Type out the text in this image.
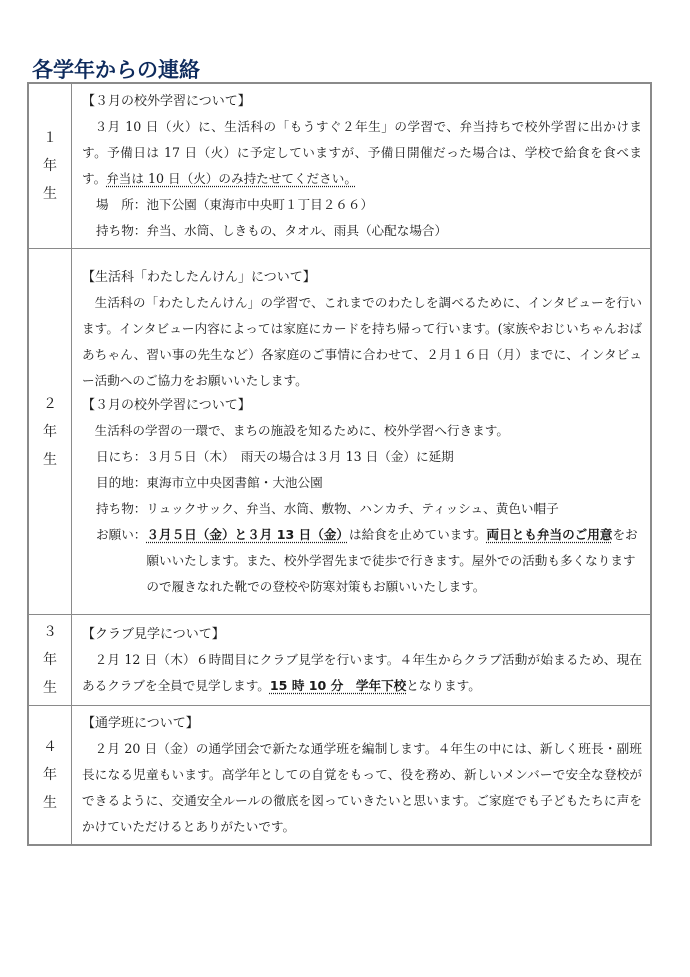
各学年からの連絡
１
年
生

【３月の校外学習について】

３月 10 日（火）に、生活科の「もうすぐ２年生」の学習で、弁当持ちで校外学習に出かけます。予備日は 17 日（火）に予定していますが、予備日開催だった場合は、学校で給食を食べます。弁当は 10 日（火）のみ持たせてください。

場　所：池下公園（東海市中央町１丁目２６６）
持ち物：弁当、水筒、しきもの、タオル、雨具（心配な場合）

２
年
生

【生活科「わたしたんけん」について】

生活科の「わたしたんけん」の学習で、これまでのわたしを調べるために、インタビューを行います。インタビュー内容によっては家庭にカードを持ち帰って行います。(家族やおじいちゃんおばあちゃん、習い事の先生など）各家庭のご事情に合わせて、２月１６日（月）までに、インタビュー活動へのご協力をお願いいたします。

【３月の校外学習について】

生活科の学習の一環で、まちの施設を知るために、校外学習へ行きます。

日にち：３月５日（木）　雨天の場合は３月 13 日（金）に延期
目的地：東海市立中央図書館・大池公園
持ち物：リュックサック、弁当、水筒、敷物、ハンカチ、ティッシュ、黄色い帽子
お願い： ３月５日（金）と３月 13 日（金）は給食を止めています。両日とも弁当のご用意をお願いいたします。また、校外学習先まで徒歩で行きます。屋外での活動も多くなりますので履きなれた靴での登校や防寒対策もお願いいたします。

３
年
生

【クラブ見学について】

２月 12 日（木）６時間目にクラブ見学を行います。４年生からクラブ活動が始まるため、現在あるクラブを全員で見学します。15 時 10 分　学年下校となります。

４
年
生

【通学班について】

２月 20 日（金）の通学団会で新たな通学班を編制します。４年生の中には、新しく班長・副班長になる児童もいます。高学年としての自覚をもって、役を務め、新しいメンバーで安全な登校ができるように、交通安全ルールの徹底を図っていきたいと思います。ご家庭でも子どもたちに声をかけていただけるとありがたいです。
